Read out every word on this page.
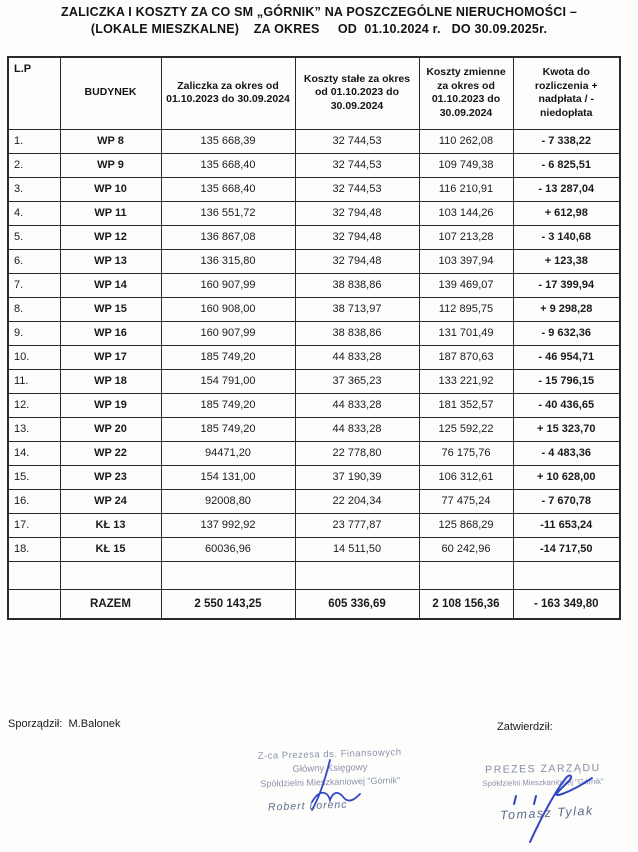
ZALICZKA I KOSZTY ZA CO SM „GÓRNIK” NA POSZCZEGÓLNE NIERUCHOMOŚCI –
(LOKALE MIESZKALNE)    ZA OKRES     OD  01.10.2024 r.   DO 30.09.2025r.
L.P	BUDYNEK	Zaliczka za okres od 01.10.2023 do 30.09.2024	Koszty stałe za okres od 01.10.2023 do 30.09.2024	Koszty zmienne za okres od 01.10.2023 do 30.09.2024	Kwota do rozliczenia + nadpłata / - niedopłata
1.	WP 8	135 668,39	32 744,53	110 262,08	- 7 338,22
2.	WP 9	135 668,40	32 744,53	109 749,38	- 6 825,51
3.	WP 10	135 668,40	32 744,53	116 210,91	- 13 287,04
4.	WP 11	136 551,72	32 794,48	103 144,26	+ 612,98
5.	WP 12	136 867,08	32 794,48	107 213,28	- 3 140,68
6.	WP 13	136 315,80	32 794,48	103 397,94	+ 123,38
7.	WP 14	160 907,99	38 838,86	139 469,07	- 17 399,94
8.	WP 15	160 908,00	38 713,97	112 895,75	+ 9 298,28
9.	WP 16	160 907,99	38 838,86	131 701,49	- 9 632,36
10.	WP 17	185 749,20	44 833,28	187 870,63	- 46 954,71
11.	WP 18	154 791,00	37 365,23	133 221,92	- 15 796,15
12.	WP 19	185 749,20	44 833,28	181 352,57	- 40 436,65
13.	WP 20	185 749,20	44 833,28	125 592,22	+ 15 323,70
14.	WP 22	94471,20	22 778,80	76 175,76	- 4 483,36
15.	WP 23	154 131,00	37 190,39	106 312,61	+ 10 628,00
16.	WP 24	92008,80	22 204,34	77 475,24	- 7 670,78
17.	KŁ 13	137 992,92	23 777,87	125 868,29	-11 653,24
18.	KŁ 15	60036,96	14 511,50	60 242,96	-14 717,50

	RAZEM	2 550 143,25	605 336,69	2 108 156,36	- 163 349,80
Sporządził: M.Balonek	Zatwierdził:
Z-ca Prezesa ds. Finansowych
Główny Księgowy
Spółdzielni Mieszkaniowej "Górnik"
Robert Lorenc
PREZES ZARZĄDU
Spółdzielni Mieszkaniowej "Górnik"
Tomasz Tylak
